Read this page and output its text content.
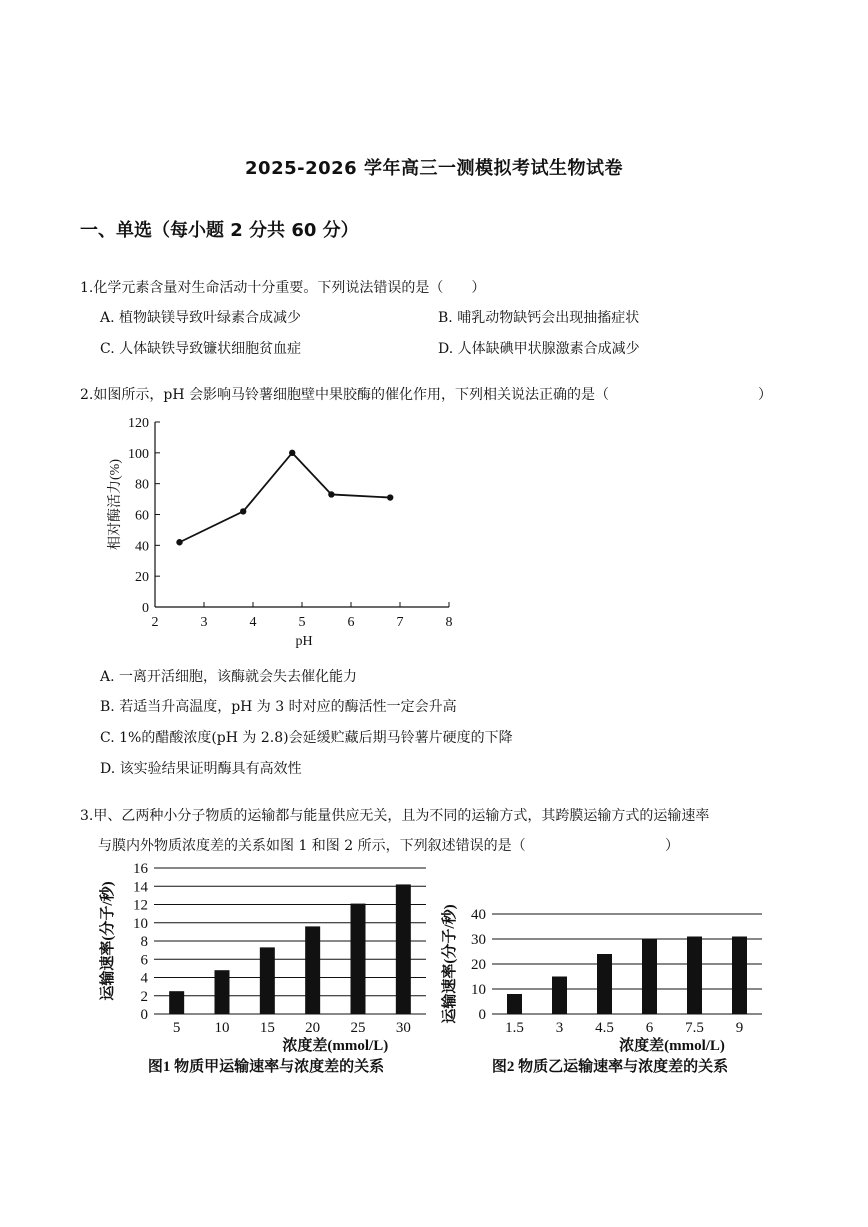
2025-2026 学年高三一测模拟考试生物试卷
一、单选（每小题 2 分共 60 分）
1.化学元素含量对生命活动十分重要。下列说法错误的是（　　）
A. 植物缺镁导致叶绿素合成减少	B. 哺乳动物缺钙会出现抽搐症状
C. 人体缺铁导致镰状细胞贫血症	D. 人体缺碘甲状腺激素合成减少
2.如图所示，pH 会影响马铃薯细胞壁中果胶酶的催化作用，下列相关说法正确的是（	）
0
20
40
60
80
100
120
2	3	4	5	6	7	8
pH
相对酶活力(%)
A. 一离开活细胞，该酶就会失去催化能力
B. 若适当升高温度，pH 为 3 时对应的酶活性一定会升高
C. 1%的醋酸浓度(pH 为 2.8)会延缓贮藏后期马铃薯片硬度的下降
D. 该实验结果证明酶具有高效性
3.甲、乙两种小分子物质的运输都与能量供应无关，且为不同的运输方式，其跨膜运输方式的运输速率
与膜内外物质浓度差的关系如图 1 和图 2 所示，下列叙述错误的是（	）
0
2
4
6
8
10
12
14
16
5 10 15 20 25 30
浓度差(mmol/L)
运输速率(分子/秒)
图1 物质甲运输速率与浓度差的关系
0
10
20
30
40
1.5 3 4.5 6 7.5 9
浓度差(mmol/L)
运输速率(分子/秒)
图2 物质乙运输速率与浓度差的关系
